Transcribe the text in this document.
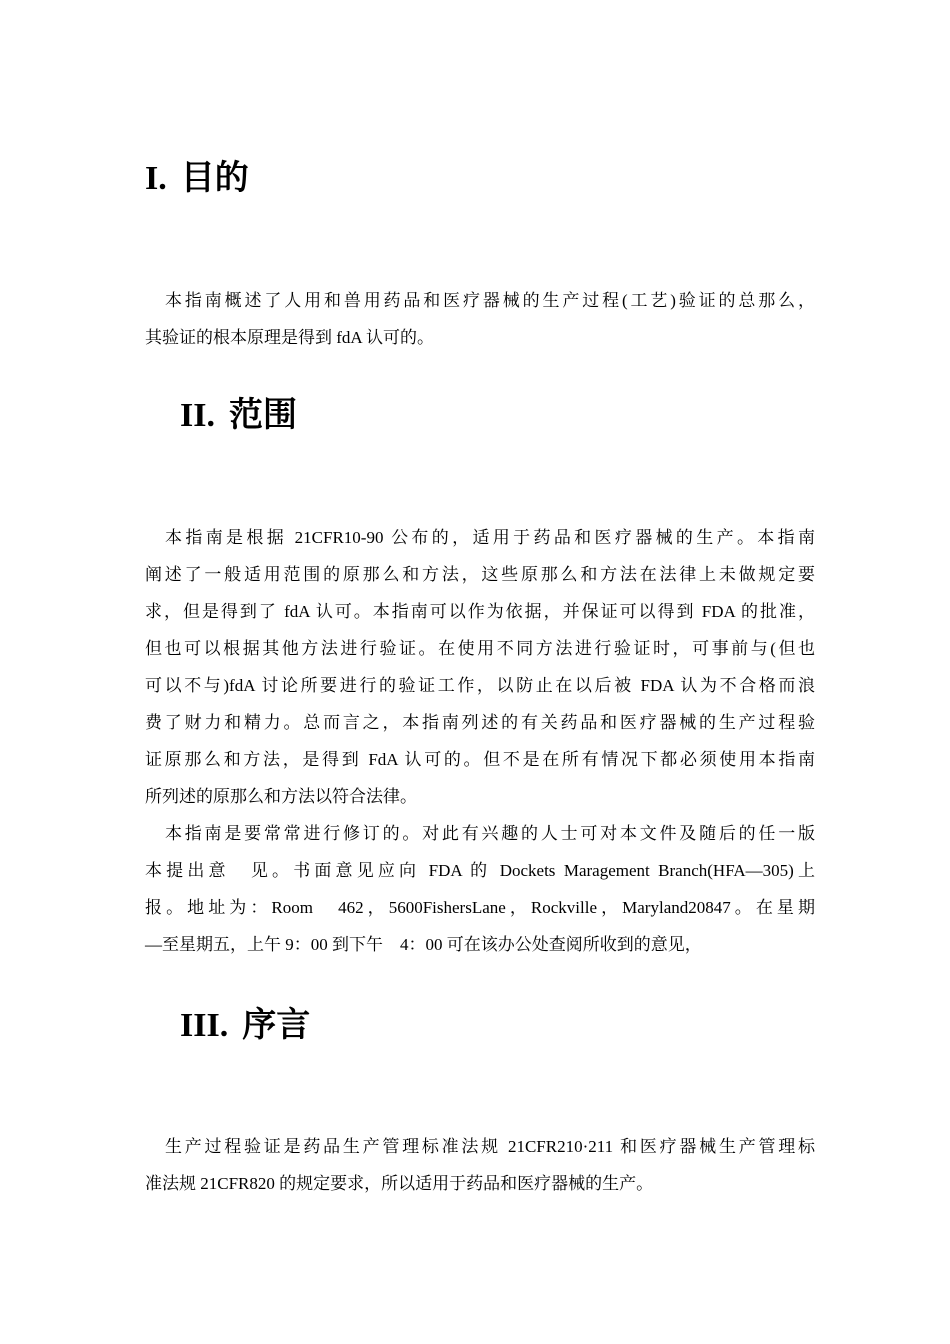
I. 目的
本指南概述了人用和兽用药品和医疗器械的生产过程(工艺)验证的总那么，
其验证的根本原理是得到 fdA 认可的。
II. 范围
本指南是根据 21CFR10-90 公布的，适用于药品和医疗器械的生产。本指南
阐述了一般适用范围的原那么和方法，这些原那么和方法在法律上未做规定要
求，但是得到了 fdA 认可。本指南可以作为依据，并保证可以得到 FDA 的批准，
但也可以根据其他方法进行验证。在使用不同方法进行验证时，可事前与(但也
可以不与)fdA 讨论所要进行的验证工作，以防止在以后被 FDA 认为不合格而浪
费了财力和精力。总而言之，本指南列述的有关药品和医疗器械的生产过程验
证原那么和方法，是得到 FdA 认可的。但不是在所有情况下都必须使用本指南
所列述的原那么和方法以符合法律。
本指南是要常常进行修订的。对此有兴趣的人士可对本文件及随后的任一版
本提出意　见。书面意见应向 FDA 的 Dockets Maragement Branch(HFA—305)上
报。地址为：Room　462，5600FishersLane，Rockville，Maryland20847。在星期
—至星期五，上午 9：00 到下午　4：00 可在该办公处查阅所收到的意见，
III. 序言
生产过程验证是药品生产管理标准法规 21CFR210·211 和医疗器械生产管理标
准法规 21CFR820 的规定要求，所以适用于药品和医疗器械的生产。
